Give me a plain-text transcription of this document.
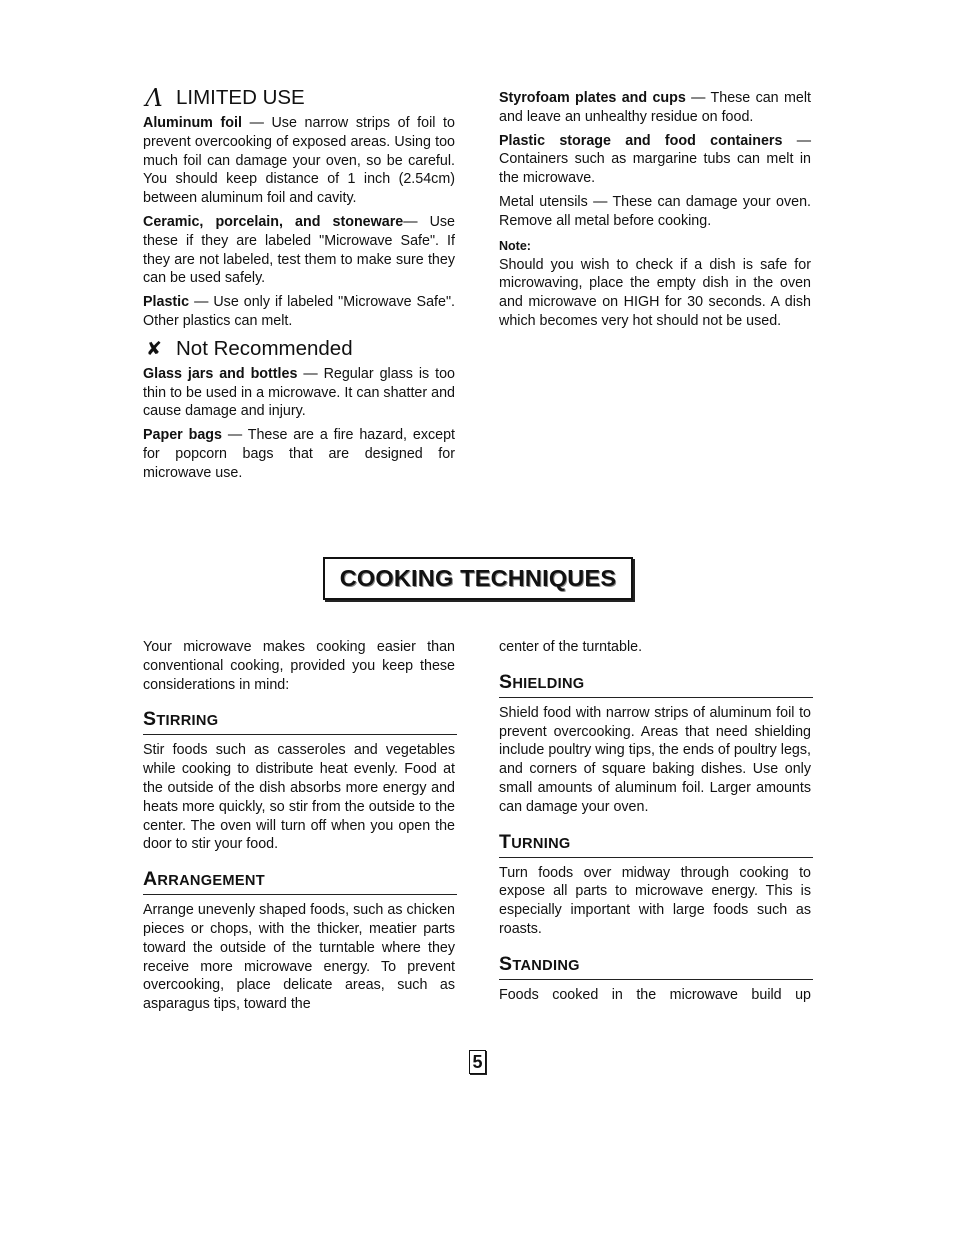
Λ LIMITED USE

Aluminum foil — Use narrow strips of foil to prevent overcooking of exposed areas. Using too much foil can damage your oven, so be careful. You should keep distance of 1 inch (2.54cm) between aluminum foil and cavity.

Ceramic, porcelain, and stoneware— Use these if they are labeled "Microwave Safe". If they are not labeled, test them to make sure they can be used safely.

Plastic — Use only if labeled "Microwave Safe". Other plastics can melt.

✘ Not Recommended

Glass jars and bottles — Regular glass is too thin to be used in a microwave. It can shatter and cause damage and injury.

Paper bags — These are a fire hazard, except for popcorn bags that are designed for microwave use.

Styrofoam plates and cups — These can melt and leave an unhealthy residue on food.

Plastic storage and food containers — Containers such as margarine tubs can melt in the microwave.

Metal utensils — These can damage your oven. Remove all metal before cooking.

Note:

Should you wish to check if a dish is safe for microwaving, place the empty dish in the oven and microwave on HIGH for 30 seconds. A dish which becomes very hot should not be used.

COOKING TECHNIQUES

Your microwave makes cooking easier than conventional cooking, provided you keep these considerations in mind:

STIRRING

Stir foods such as casseroles and vegetables while cooking to distribute heat evenly. Food at the outside of the dish absorbs more energy and heats more quickly, so stir from the outside to the center. The oven will turn off when you open the door to stir your food.

ARRANGEMENT

Arrange unevenly shaped foods, such as chicken pieces or chops, with the thicker, meatier parts toward the outside of the turntable where they receive more microwave energy. To prevent overcooking, place delicate areas, such as asparagus tips, toward the

center of the turntable.

SHIELDING

Shield food with narrow strips of aluminum foil to prevent overcooking. Areas that need shielding include poultry wing tips, the ends of poultry legs, and corners of square baking dishes. Use only small amounts of aluminum foil. Larger amounts can damage your oven.

TURNING

Turn foods over midway through cooking to expose all parts to microwave energy. This is especially important with large foods such as roasts.

STANDING

Foods cooked in the microwave build up

5
